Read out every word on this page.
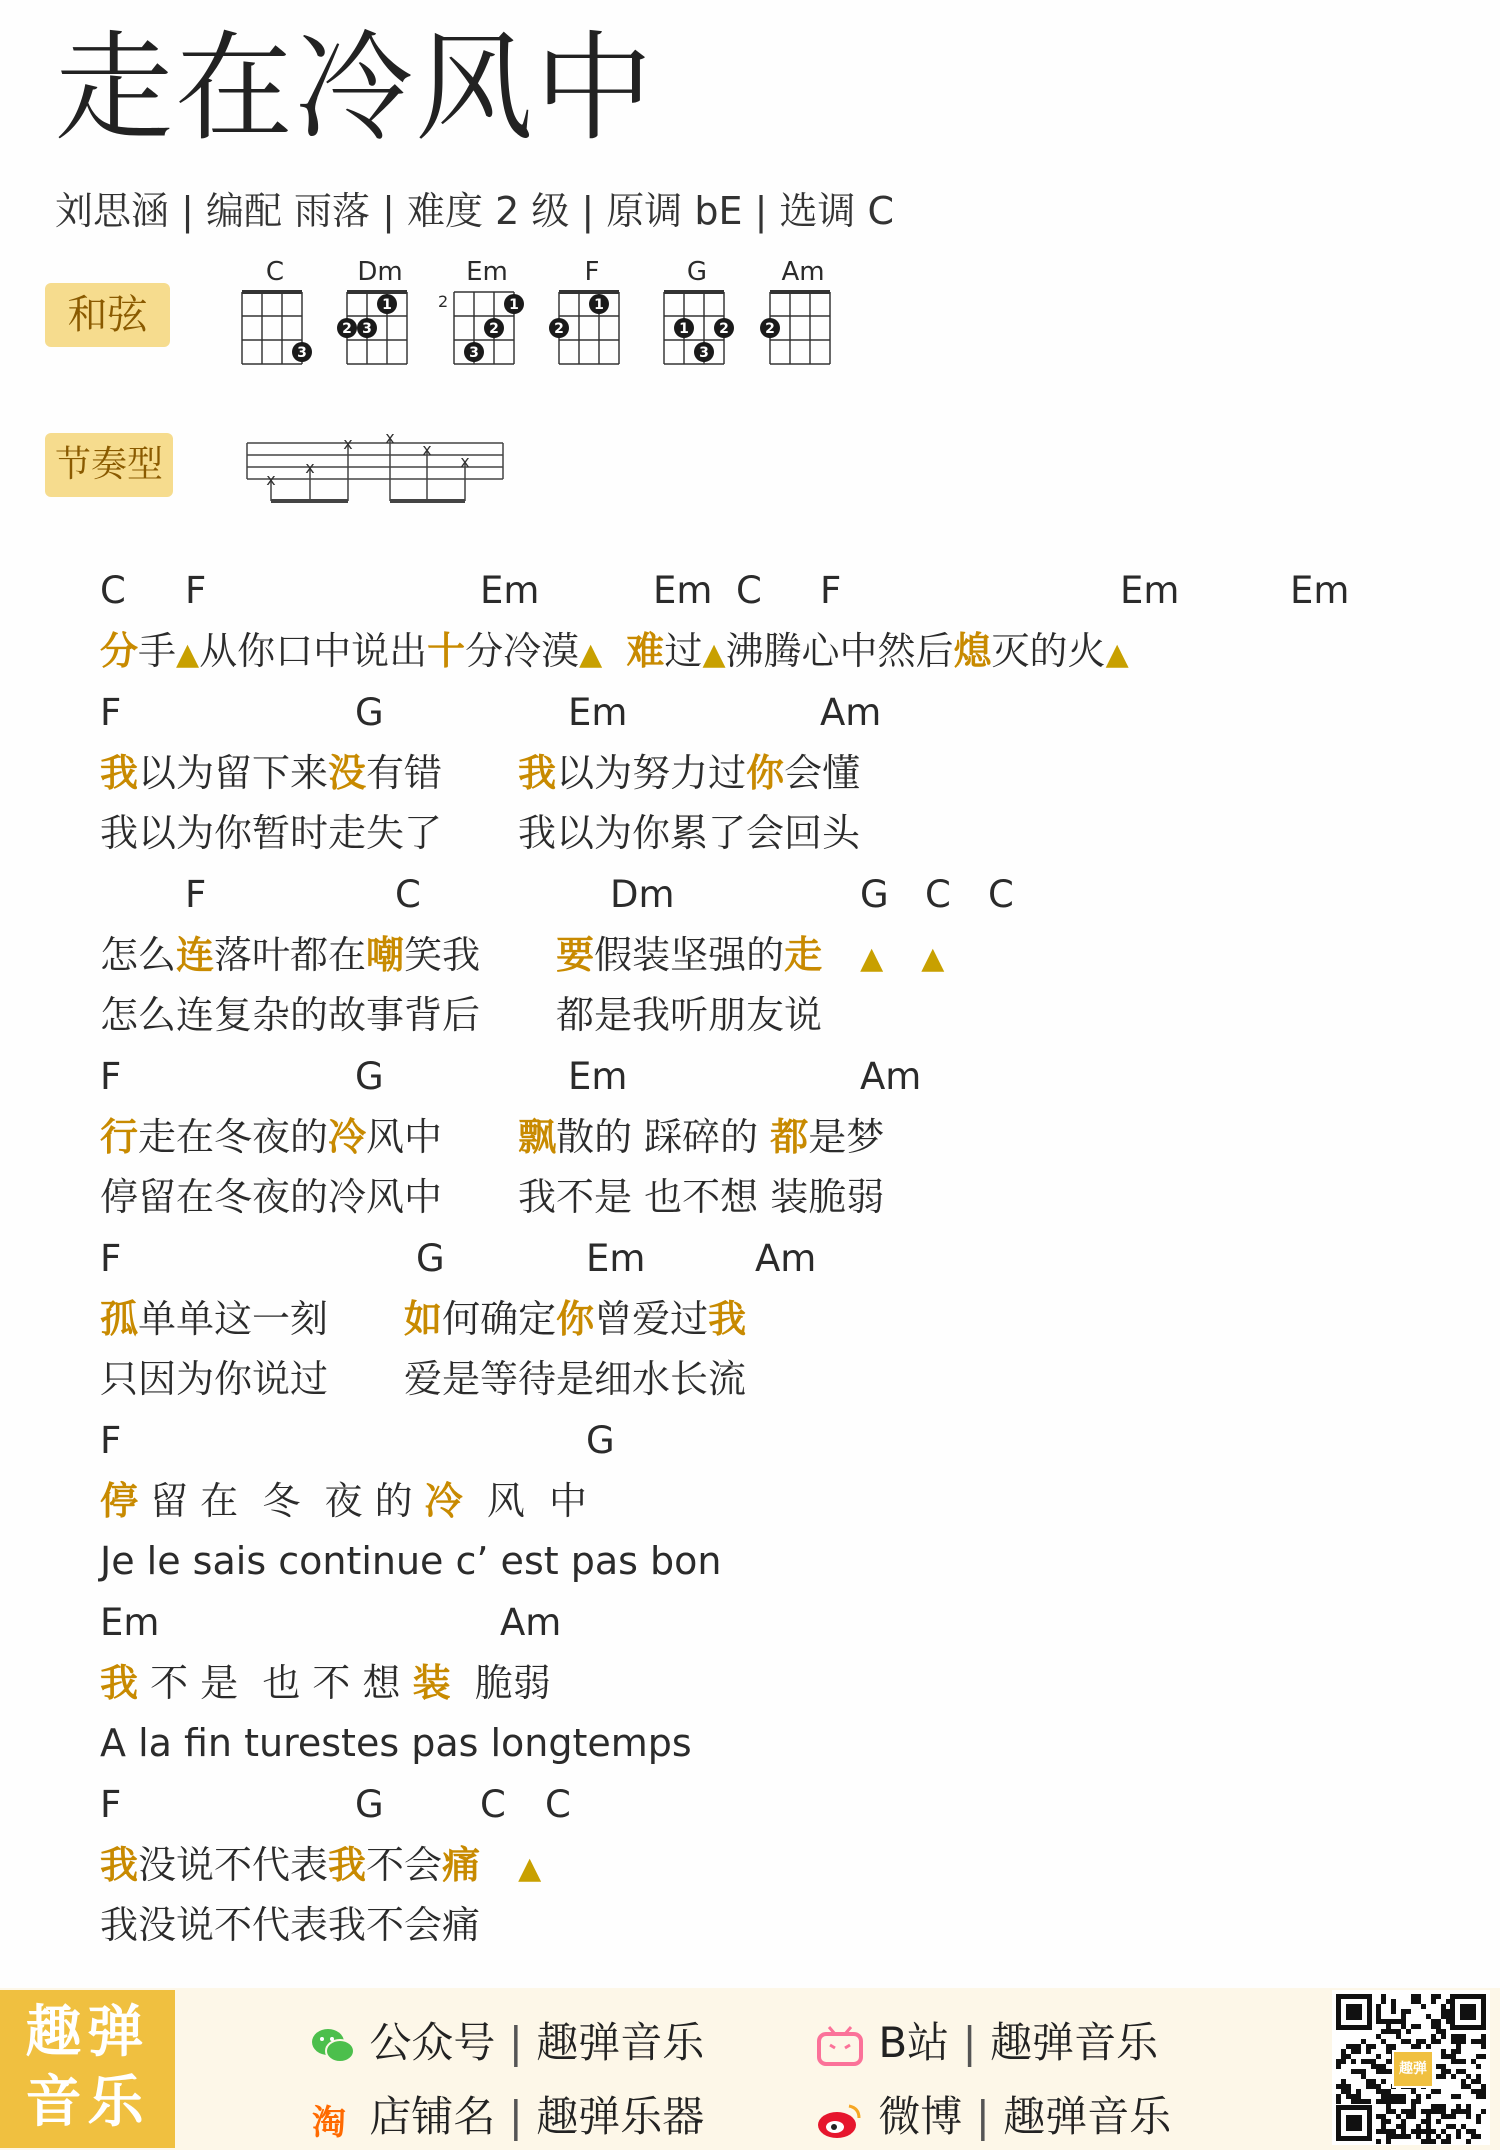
走在冷风中
刘思涵 | 编配 雨落 | 难度 2 级 | 原调 bE | 选调 C
和弦
节奏型
C
3
Dm
1
2 3
Em
2	1
2
3
F
1
2
G
1 2
3
Am
2
x
x
x x
x
x
C F	Em	Em C F	Em	Em
分手▲从你口中说出十分冷漠▲ 难过▲沸腾心中然后熄灭的火▲
F	G	Em	Am
我以为留下来没有错　　 我以为努力过你会懂
我以为你暂时走失了　　 我以为你累了会回头
F	C	Dm	G C C
怎么连落叶都在嘲笑我　　 要假装坚强的走　 ▲　 ▲
怎么连复杂的故事背后　　 都是我听朋友说
F	G	Em	Am
行走在冬夜的冷风中　　 飘散的 踩碎的 都是梦
停留在冬夜的冷风中　　 我不是 也不想 装脆弱
F	G	Em	Am
孤单单这一刻　　 如何确定你曾爱过我
只因为你说过　　 爱是等待是细水长流
F	G
停 留 在  冬  夜 的 冷  风  中
Je le sais continue c’ est pas bon
Em	Am
我 不 是  也 不 想 装  脆弱
A la fin turestes pas longtemps
F	G	C C
我没说不代表我不会痛　 ▲
我没说不代表我不会痛
趣弹
音乐
公众号 | 趣弹音乐	B站 | 趣弹音乐
淘 店铺名 | 趣弹乐器	微博 | 趣弹音乐
趣弹
